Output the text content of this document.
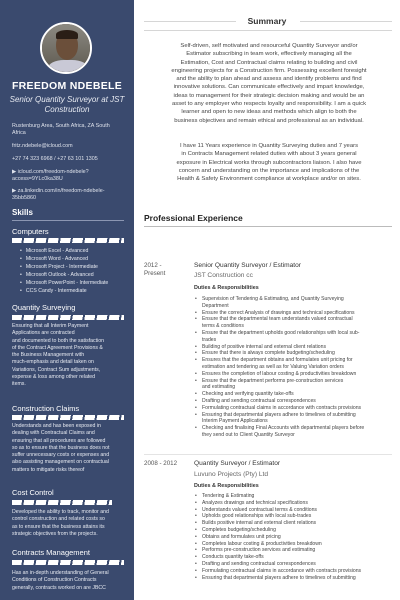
FREEDOM NDEBELE
Senior Quantity Surveyor at JST Construction
Rustenburg Area, South Africa, ZA South
Africa
fritz.ndebele@icloud.com
+27 74 323 6968 / +27 63 101 1305
▶ icloud.com/freedom-ndebele?
access=9YLc0ka38U
▶ za.linkedin.com/in/freedom-ndebele-
35bb5860
Skills
Computers
• Microsoft Excel - Advanced
• Microsoft Word - Advanced
• Microsoft Project - Intermediate
• Microsoft Outlook - Advanced
• Microsoft PowerPoint - Intermediate
• CCS Candy - Intermediate
Quantity Surveying
Ensuring that all Interim Payment
Applications are contracted
and documented to both the satisfaction
of the Contract Agreement Provisions &
the Business Management with
much-emphasis and detail taken on
Variations, Contract Sum adjustments,
expense & loss among other related
items.
Construction Claims
Understands and has been exposed in
dealing with Contractual Claims and
ensuring that all procedures are followed
so as to ensure that the business does not
suffer unnecessary costs or expenses and
also assisting management on contractual
matters to mitigate risks thereof
Cost Control
Developed the ability to track, monitor and
control construction and related costs so
as to ensure that the business attains its
strategic objectives from the projects.
Contracts Management
Has an in-depth understanding of General
Conditions of Construction Contracts
generally, contracts worked on are JBCC
Summary
Self-driven, self motivated and resourceful Quantity Surveyor and/or
Estimator subscribing in team work, effectively managing all the
Estimation, Cost and Contractual claims relating to building and civil
engineering projects for a Construction firm. Possessing excellent foresight
and the ability to plan ahead and assess and identify problems and find
innovative solutions. Can communicate effectively and impart knowledge,
ideas to management for their strategic decision making and would be an
asset to any employer who respects loyalty and responsibility. I am a quick
learner and open to new ideas and methods which align to both the
business objectives and remain ethical and professional as an individual.
I have 11 Years experience in Quantity Surveying duties and 7 years
in Contracts Management related duties with about 3 years general
exposure in Electrical works through subcontractors liaison. I also have
concern and understanding on the importance and implications of the
Health & Safety Environment compliance at workplace and/or on sites.
Professional Experience
2012 -
Present
Senior Quantity Surveyor / Estimator
JST Construction cc
Duties & Responsibilities
• Supervision of Tendering & Estimating, and Quantity Surveying
Department
• Ensure the correct Analysis of drawings and technical specifications
• Ensure that the departmental team understands valued contractual
terms & conditions
• Ensure that the department upholds good relationships with local sub-
trades
• Building of positive internal and external client relations
• Ensure that there is always complete budgeting/scheduling
• Ensures that the department obtains and formulates unit pricing for
estimation and tendering as well as for Valuing Variation orders
• Ensures the completion of labour costing & productivities breakdown
• Ensure that the department performs pre-construction services
and estimating
• Checking and verifying quantity take-offs
• Drafting and sending contractual correspondences
• Formulating contractual claims in accordance with contracts provisions
• Ensuring that departmental players adhere to timelines of submitting
Interim Payment Applications
• Checking and finalising Final Accounts with departmental players before
they send out to Client Quantity Surveyor
2008 - 2012	Quantity Surveyor / Estimator
Luvuno Projects (Pty) Ltd
Duties & Responsibilities
• Tendering & Estimating
• Analyzes drawings and technical specifications
• Understands valued contractual terms & conditions
• Upholds good relationships with local sub-trades
• Builds positive internal and external client relations
• Completes budgeting/scheduling
• Obtains and formulates unit pricing
• Completes labour costing & productivities breakdown
• Performs pre-construction services and estimating
• Conducts quantity take-offs
• Drafting and sending contractual correspondences
• Formulating contractual claims in accordance with contracts provisions
• Ensuring that departmental players adhere to timelines of submitting
